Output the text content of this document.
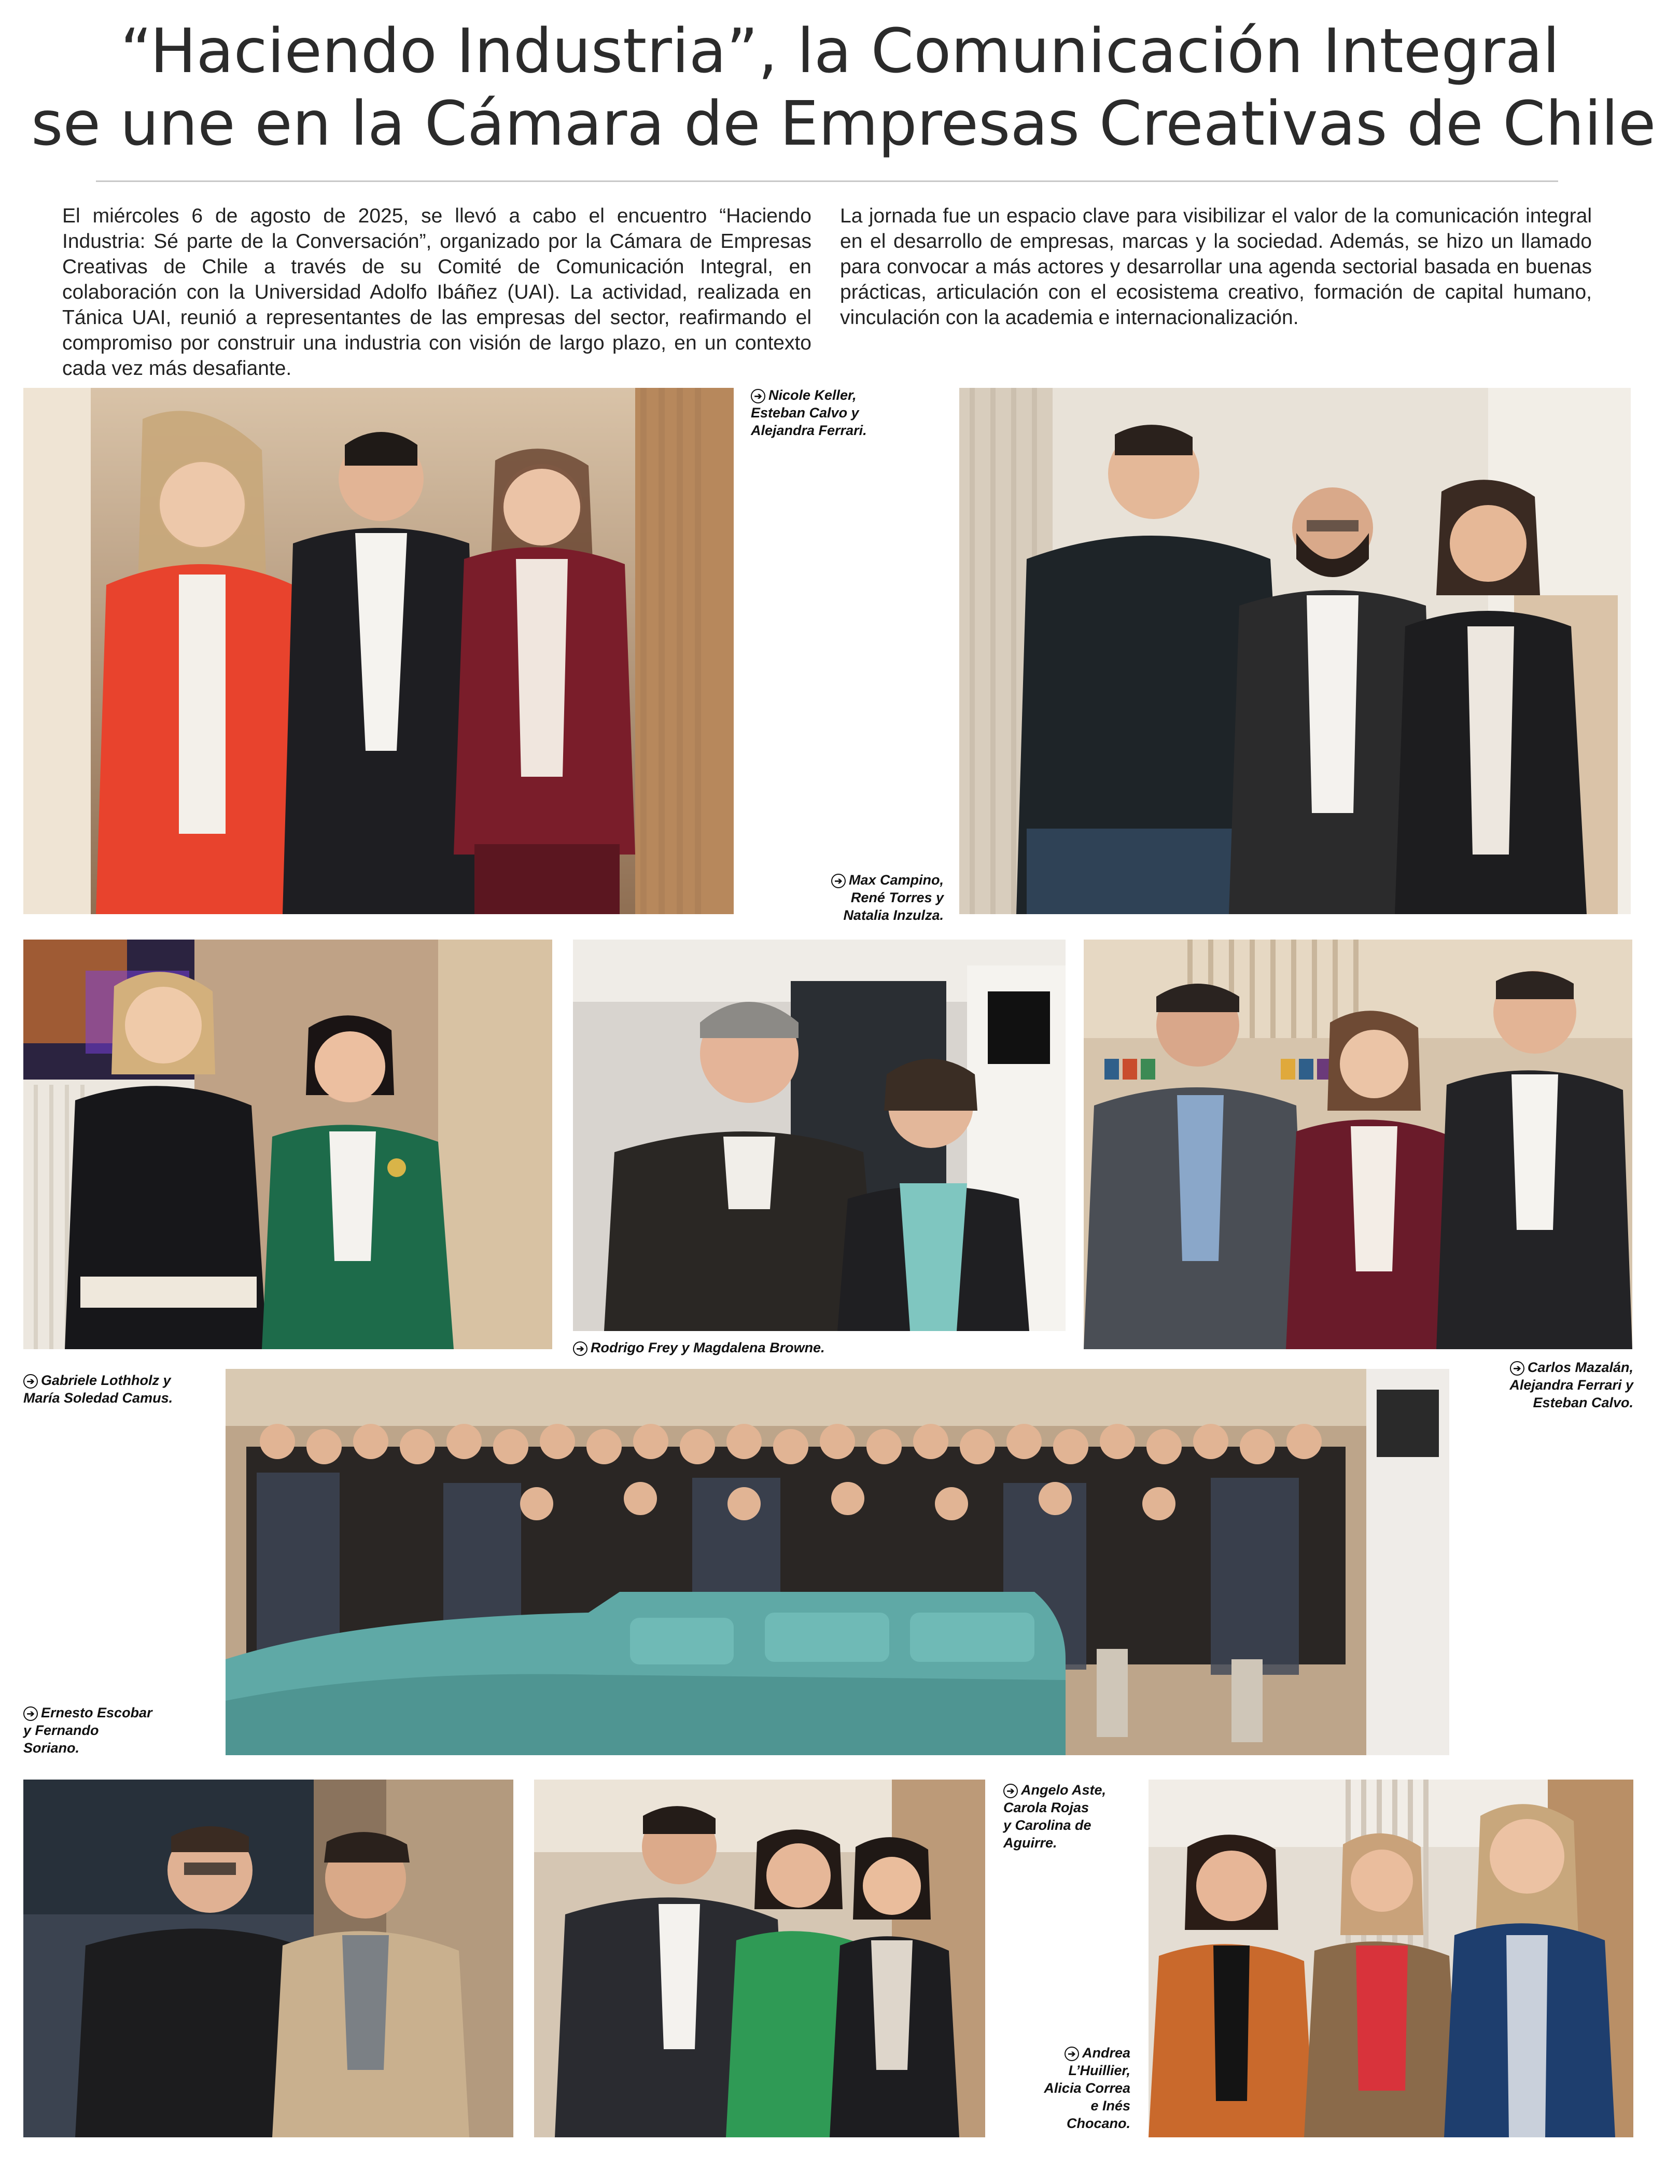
“Haciendo Industria”, la Comunicación Integral
se une en la Cámara de Empresas Creativas de Chile

El miércoles 6 de agosto de 2025, se llevó a cabo el encuentro “Haciendo Industria: Sé parte de la Conversación”, organizado por la Cámara de Empresas Creativas de Chile a través de su Comité de Comunicación Integral, en colaboración con la Universidad Adolfo Ibáñez (UAI). La actividad, realizada en Tánica UAI, reunió a representantes de las empresas del sector, reafirmando el compromiso por construir una industria con visión de largo plazo, en un contexto cada vez más desafiante.

La jornada fue un espacio clave para visibilizar el valor de la comunicación integral en el desarrollo de empresas, marcas y la sociedad. Además, se hizo un llamado para convocar a más actores y desarrollar una agenda sectorial basada en buenas prácticas, articulación con el ecosistema creativo, formación de capital humano, vinculación con la academia e internacionalización.

➔ Nicole Keller,
Esteban Calvo y
Alejandra Ferrari.
➔ Max Campino,
René Torres y
Natalia Inzulza.
➔ Gabriele Lothholz y
María Soledad Camus.
➔ Rodrigo Frey y Magdalena Browne.
➔ Carlos Mazalán,
Alejandra Ferrari y
Esteban Calvo.
➔ Ernesto Escobar
y Fernando
Soriano.
➔ Angelo Aste,
Carola Rojas
y Carolina de
Aguirre.
➔ Andrea
L’Huillier,
Alicia Correa
e Inés
Chocano.
